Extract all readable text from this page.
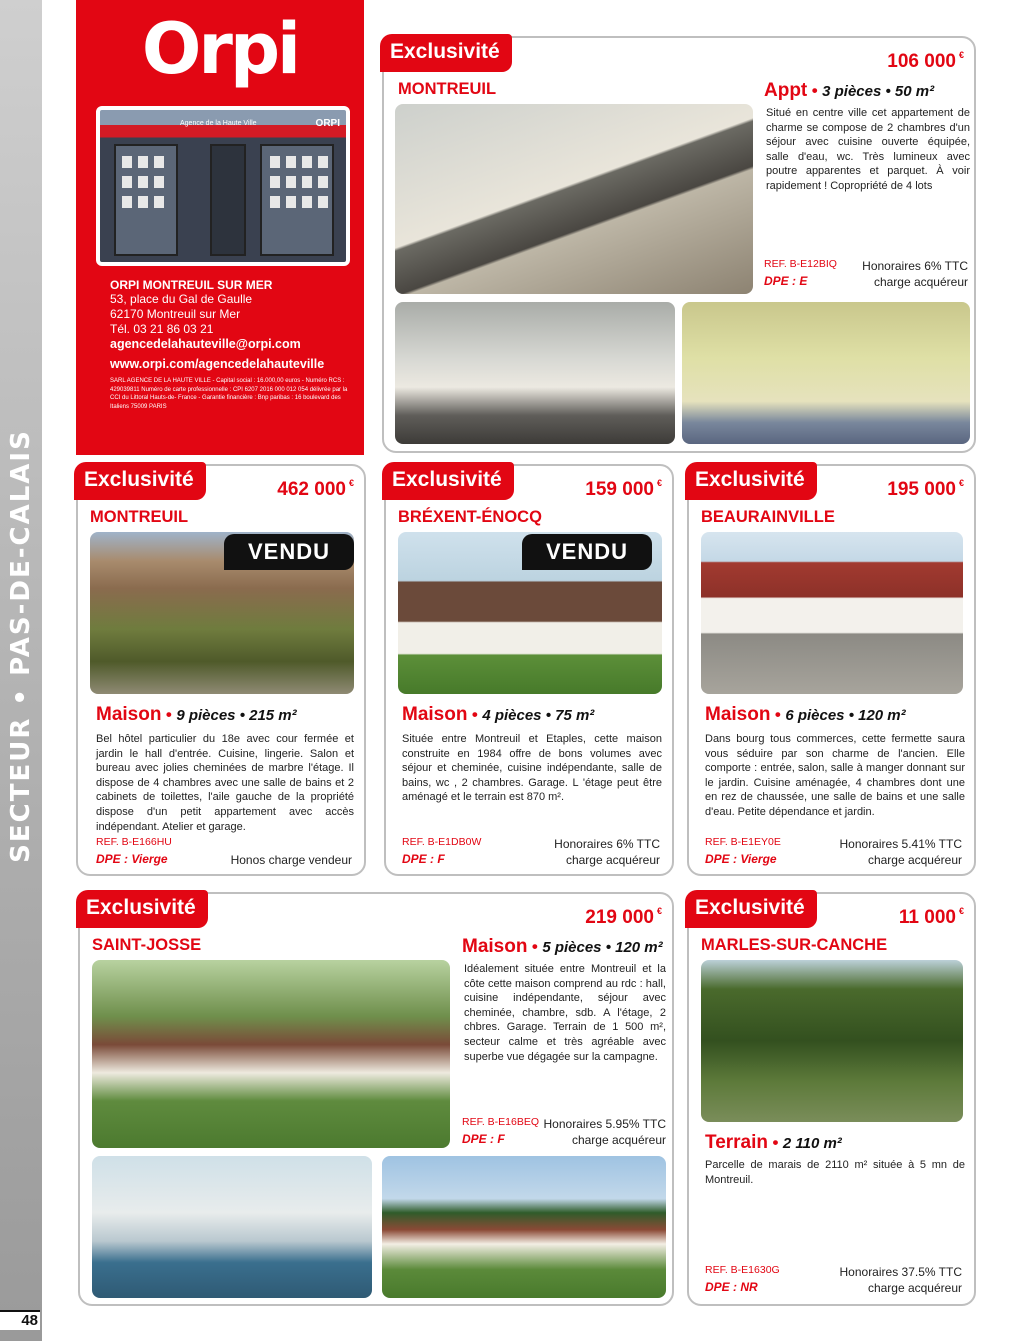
SECTEUR • PAS-DE-CALAIS
48
Orpi
Agence de la Haute Ville	ORPI
ORPI MONTREUIL SUR MER
53, place du Gal de Gaulle
62170 Montreuil sur Mer
Tél. 03 21 86 03 21
agencedelahauteville@orpi.com
www.orpi.com/agencedelahauteville
SARL AGENCE DE LA HAUTE VILLE - Capital social : 16.000,00 euros - Numéro RCS : 429039811 Numéro de carte professionnelle : CPI 6207 2016 000 012 054 délivrée par la CCI du Littoral Hauts-de- France - Garantie financière : Bnp paribas : 16 boulevard des Italiens 75009 PARIS
Exclusivité	106 000 €
MONTREUIL	Appt • 3 pièces • 50 m²
Situé en centre ville cet appartement de charme se compose de 2 chambres d'un séjour avec cuisine ouverte équipée, salle d'eau, wc. Très lumineux avec poutre apparentes et parquet. À voir rapidement ! Copropriété de 4 lots
REF. B-E12BIQ
DPE : E
Honoraires 6% TTC
charge acquéreur
Exclusivité	462 000 €
MONTREUIL
VENDU
Maison • 9 pièces • 215 m²
Bel hôtel particulier du 18e avec cour fermée et jardin le hall d'entrée. Cuisine, lingerie. Salon et bureau avec jolies cheminées de marbre l'étage. Il dispose de 4 chambres avec une salle de bains et 2 cabinets de toilettes, l'aile gauche de la propriété dispose d'un petit appartement avec accès indépendant. Atelier et garage.
REF. B-E166HU
DPE : Vierge	Honos charge vendeur
Exclusivité	159 000 €
BRÉXENT-ÉNOCQ
VENDU
Maison • 4 pièces • 75 m²
Située entre Montreuil et Etaples, cette maison construite en 1984 offre de bons volumes avec séjour et cheminée, cuisine indépendante, salle de bains, wc , 2 chambres. Garage. L 'étage peut être aménagé et le terrain est 870 m².
REF. B-E1DB0W
DPE : F
Honoraires 6% TTC
charge acquéreur
Exclusivité	195 000 €
BEAURAINVILLE
Maison • 6 pièces • 120 m²
Dans bourg tous commerces, cette fermette saura vous séduire par son charme de l'ancien. Elle comporte : entrée, salon, salle à manger donnant sur le jardin. Cuisine aménagée, 4 chambres dont une en rez de chaussée, une salle de bains et une salle d'eau. Petite dépendance et jardin.
REF. B-E1EY0E
DPE : Vierge
Honoraires 5.41% TTC
charge acquéreur
Exclusivité	219 000 €
SAINT-JOSSE	Maison • 5 pièces • 120 m²
Idéalement située entre Montreuil et la côte cette maison comprend au rdc : hall, cuisine indépendante, séjour avec cheminée, chambre, sdb. A l'étage, 2 chbres. Garage. Terrain de 1 500 m², secteur calme et très agréable avec superbe vue dégagée sur la campagne.
REF. B-E16BEQ
DPE : F
Honoraires 5.95% TTC
charge acquéreur
Exclusivité	11 000 €
MARLES-SUR-CANCHE
Terrain • 2 110 m²
Parcelle de marais de 2110 m² située à 5 mn de Montreuil.
REF. B-E1630G
DPE : NR
Honoraires 37.5% TTC
charge acquéreur
